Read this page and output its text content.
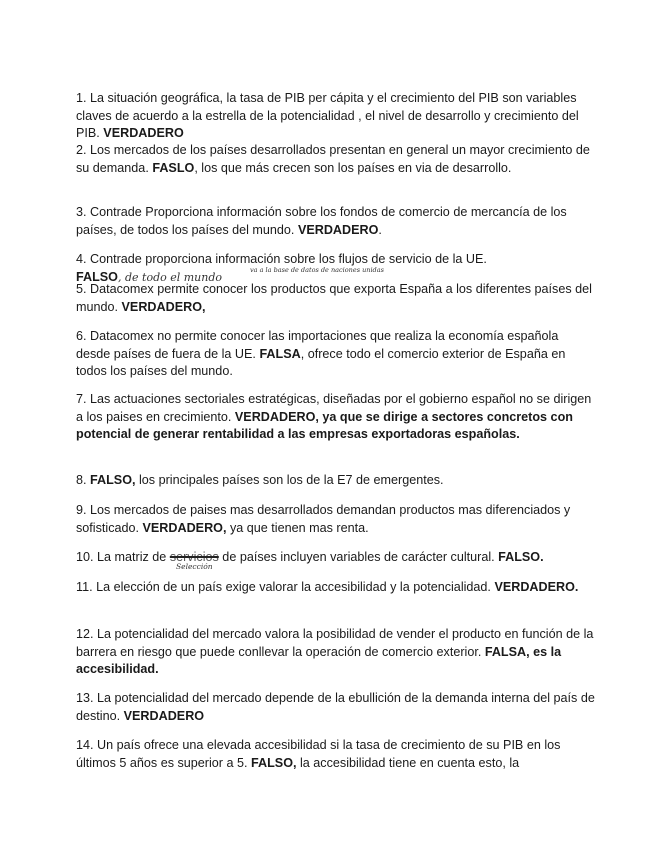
1. La situación geográfica, la tasa de PIB per cápita y el crecimiento del PIB son variables claves de acuerdo a la estrella de la potencialidad , el nivel de desarrollo y crecimiento del PIB. VERDADERO

2. Los mercados de los países desarrollados presentan en general un mayor crecimiento de su demanda. FASLO, los que más crecen son los países en via de desarrollo.

3. Contrade Proporciona información sobre los fondos de comercio de mercancía de los países, de todos los países del mundo. VERDADERO.

4. Contrade proporciona información sobre los flujos de servicio de la UE. FALSO, de todo el mundo

va a la base de datos de naciones unidas

5. Datacomex permite conocer los productos que exporta España a los diferentes países del mundo. VERDADERO,

6. Datacomex no permite conocer las importaciones que realiza la economía española desde países de fuera de la UE. FALSA, ofrece todo el comercio exterior de España en todos los países del mundo.

7. Las actuaciones sectoriales estratégicas, diseñadas por el gobierno español no se dirigen a los paises en crecimiento. VERDADERO, ya que se dirige a sectores concretos con potencial de generar rentabilidad a las empresas exportadoras españolas.

8. FALSO, los principales países son los de la E7 de emergentes.

9. Los mercados de paises mas desarrollados demandan productos mas diferenciados y sofisticado. VERDADERO, ya que tienen mas renta.

10. La matriz de servicios de países incluyen variables de carácter cultural. FALSO.

Selección

11. La elección de un país exige valorar la accesibilidad y la potencialidad. VERDADERO.

12. La potencialidad del mercado valora la posibilidad de vender el producto en función de la barrera en riesgo que puede conllevar la operación de comercio exterior. FALSA, es la accesibilidad.

13. La potencialidad del mercado depende de la ebullición de la demanda interna del país de destino. VERDADERO

14. Un país ofrece una elevada accesibilidad si la tasa de crecimiento de su PIB en los últimos 5 años es superior a 5. FALSO, la accesibilidad tiene en cuenta esto, la
